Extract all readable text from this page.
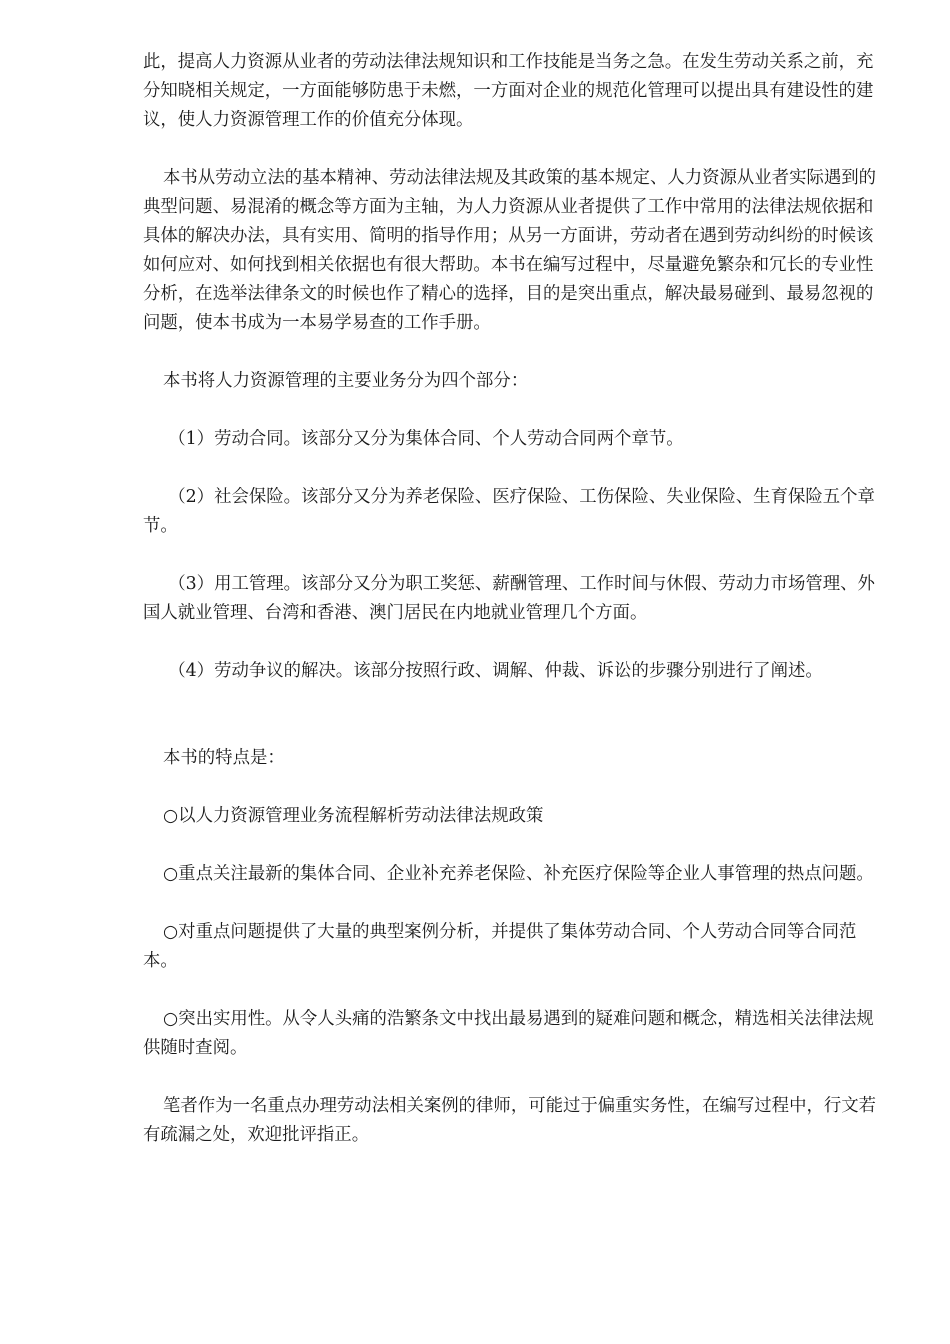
此，提高人力资源从业者的劳动法律法规知识和工作技能是当务之急。在发生劳动关系之前，充分知晓相关规定，一方面能够防患于未燃，一方面对企业的规范化管理可以提出具有建设性的建议，使人力资源管理工作的价值充分体现。

本书从劳动立法的基本精神、劳动法律法规及其政策的基本规定、人力资源从业者实际遇到的典型问题、易混淆的概念等方面为主轴，为人力资源从业者提供了工作中常用的法律法规依据和具体的解决办法，具有实用、简明的指导作用；从另一方面讲，劳动者在遇到劳动纠纷的时候该如何应对、如何找到相关依据也有很大帮助。本书在编写过程中，尽量避免繁杂和冗长的专业性分析，在选举法律条文的时候也作了精心的选择，目的是突出重点，解决最易碰到、最易忽视的问题，使本书成为一本易学易查的工作手册。

本书将人力资源管理的主要业务分为四个部分：

（1）劳动合同。该部分又分为集体合同、个人劳动合同两个章节。

（2）社会保险。该部分又分为养老保险、医疗保险、工伤保险、失业保险、生育保险五个章节。

（3）用工管理。该部分又分为职工奖惩、薪酬管理、工作时间与休假、劳动力市场管理、外国人就业管理、台湾和香港、澳门居民在内地就业管理几个方面。

（4）劳动争议的解决。该部分按照行政、调解、仲裁、诉讼的步骤分别进行了阐述。

本书的特点是：

○以人力资源管理业务流程解析劳动法律法规政策

○重点关注最新的集体合同、企业补充养老保险、补充医疗保险等企业人事管理的热点问题。

○对重点问题提供了大量的典型案例分析，并提供了集体劳动合同、个人劳动合同等合同范本。

○突出实用性。从令人头痛的浩繁条文中找出最易遇到的疑难问题和概念，精选相关法律法规供随时查阅。

笔者作为一名重点办理劳动法相关案例的律师，可能过于偏重实务性，在编写过程中，行文若有疏漏之处，欢迎批评指正。
